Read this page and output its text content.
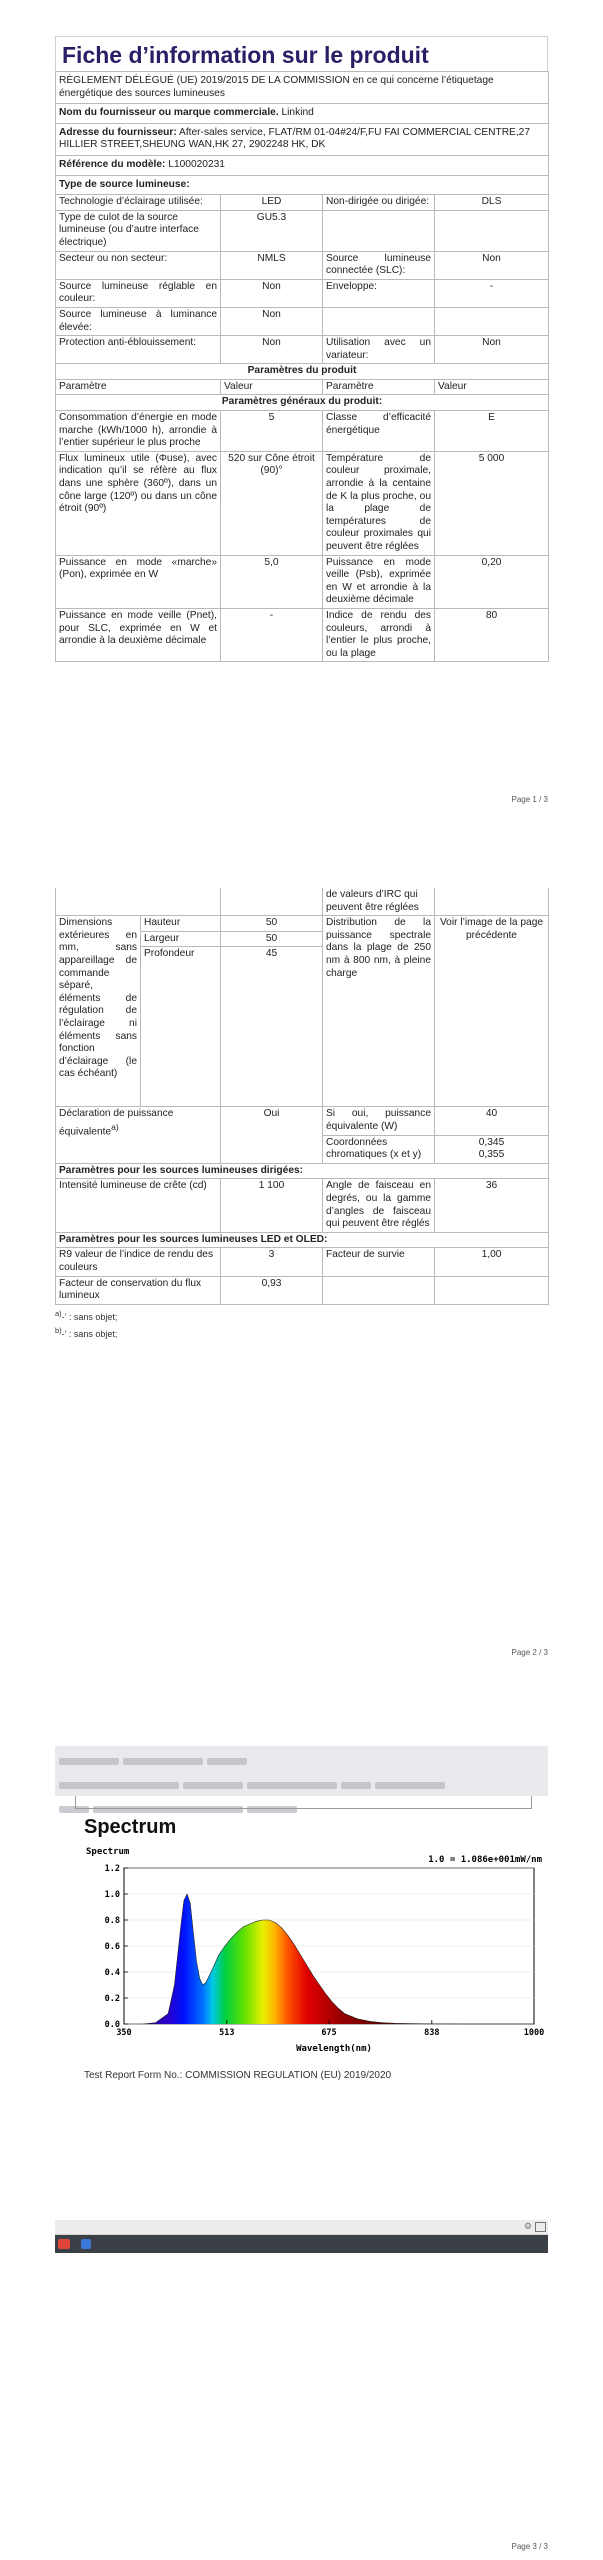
Fiche d’information sur le produit
RÈGLEMENT DÉLÉGUÉ (UE) 2019/2015 DE LA COMMISSION en ce qui concerne l’étiquetage énergétique des sources lumineuses			
Nom du fournisseur ou marque commerciale. Linkind			
Adresse du fournisseur: After-sales service, FLAT/RM 01-04#24/F,FU FAI COMMERCIAL CENTRE,27 HILLIER STREET,SHEUNG WAN,HK 27, 2902248 HK, DK			
Référence du modèle: L100020231			
Type de source lumineuse:			
Technologie d’éclairage utilisée:	LED	Non-dirigée ou dirigée:	DLS
Type de culot de la source lumineuse (ou d’autre interface électrique)	GU5.3		
Secteur ou non secteur:	NMLS	Source lumineuse connectée (SLC):	Non
Source lumineuse réglable en couleur:	Non	Enveloppe:	-
Source lumineuse à luminance élevée:	Non		
Protection anti-éblouissement:	Non	Utilisation avec un variateur:	Non
Paramètres du produit			
Paramètre	Valeur	Paramètre	Valeur
Paramètres généraux du produit:			
Consommation d’énergie en mode marche (kWh/1000 h), arrondie à l’entier supérieur le plus proche	5	Classe d’efficacité énergétique	E
Flux lumineux utile (Φuse), avec indication qu’il se réfère au flux dans une sphère (360º), dans un cône large (120º) ou dans un cône étroit (90º)	520 sur Cône étroit (90)°	Température de couleur proximale, arrondie à la centaine de K la plus proche, ou la plage de températures de couleur proximales qui peuvent être réglées	5 000
Puissance en mode «marche» (Pon), exprimée en W	5,0	Puissance en mode veille (Psb), exprimée en W et arrondie à la deuxième décimale	0,20
Puissance en mode veille (Pnet), pour SLC, exprimée en W et arrondie à la deuxième décimale	-	Indice de rendu des couleurs, arrondi à l’entier le plus proche, ou la plage	80
Page 1 / 3
			de valeurs d’IRC qui peuvent être réglées	
Dimensions extérieures en mm, sans appareillage de commande séparé, éléments de régulation de l’éclairage ni éléments sans fonction d’éclairage (le cas échéant)	Hauteur	50	Distribution de la puissance spectrale dans la plage de 250 nm à 800 nm, à pleine charge	Voir l’image de la page précédente
	Largeur	50		
	Profondeur	45		
Déclaration de puissance équivalente$^{a)}$		Oui	Si oui, puissance équivalente (W)	40
			Coordonnées chromatiques (x et y)	0,345
0,355

Paramètres pour les sources lumineuses dirigées:				
Intensité lumineuse de crête (cd)		1 100	Angle de faisceau en degrés, ou la gamme d’angles de faisceau qui peuvent être réglés	36
Paramètres pour les sources lumineuses LED et OLED:				
R9 valeur de l’indice de rendu des couleurs		3	Facteur de survie	1,00
Facteur de conservation du flux lumineux		0,93		
$^{a)}$-’ : sans objet;
$^{b)}$-’ : sans objet;
Page 2 / 3
Spectrum
0.0
0.2
0.4
0.6
0.8
1.0
1.2
350	513	675	838	1000
Spectrum
1.0 = 1.086e+001mW/nm
Wavelength(nm)
Test Report Form No.: COMMISSION REGULATION (EU) 2019/2020
⚙
Page 3 / 3
